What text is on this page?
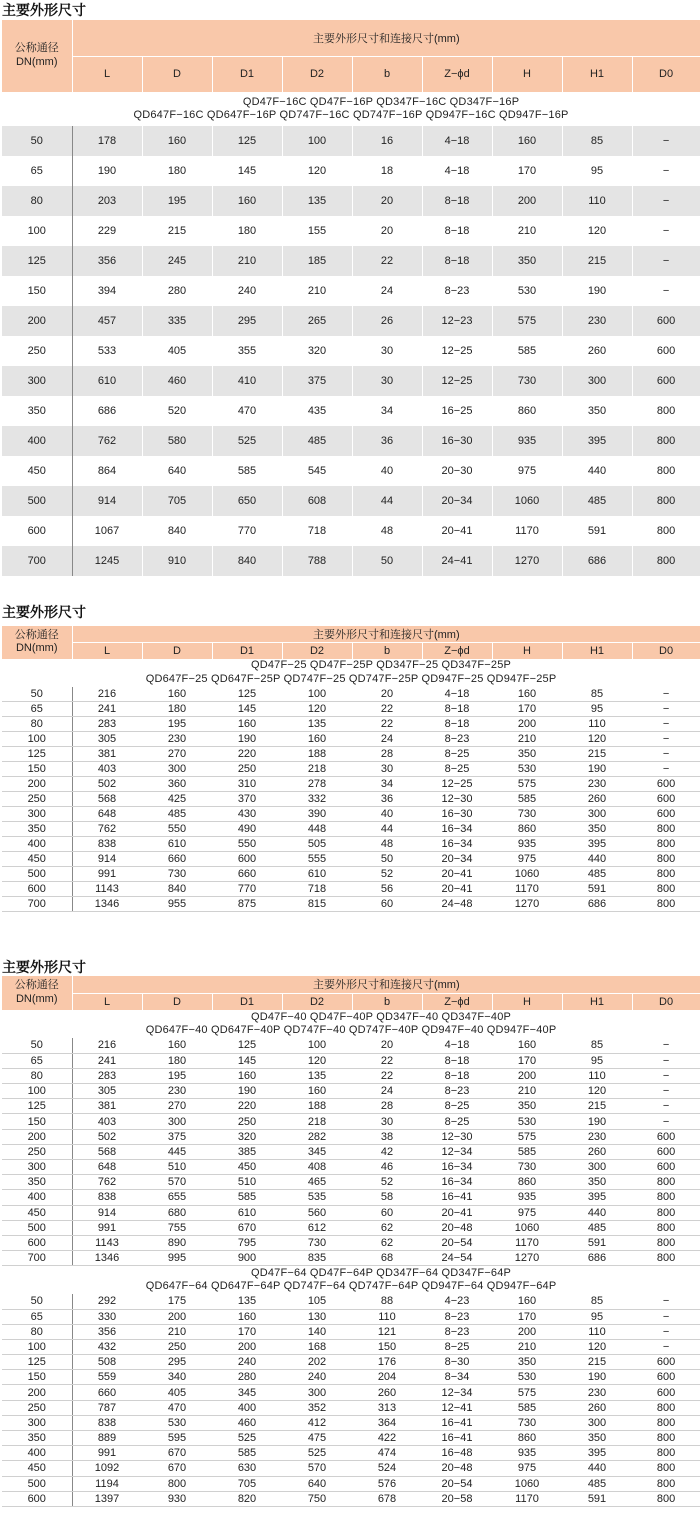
主要外形尺寸
公称通径
DN(mm)	主要外形尺寸和连接尺寸(mm)								
	L	D	D1	D2	b	Z−ϕd	H	H1	D0

QD47F−16C QD47F−16P QD347F−16C QD347F−16P
QD647F−16C QD647F−16P QD747F−16C QD747F−16P QD947F−16C QD947F−16P									

50	178	160	125	100	16	4−18	160	85	−
65	190	180	145	120	18	4−18	170	95	−
80	203	195	160	135	20	8−18	200	110	−
100	229	215	180	155	20	8−18	210	120	−
125	356	245	210	185	22	8−18	350	215	−
150	394	280	240	210	24	8−23	530	190	−
200	457	335	295	265	26	12−23	575	230	600
250	533	405	355	320	30	12−25	585	260	600
300	610	460	410	375	30	12−25	730	300	600
350	686	520	470	435	34	16−25	860	350	800
400	762	580	525	485	36	16−30	935	395	800
450	864	640	585	545	40	20−30	975	440	800
500	914	705	650	608	44	20−34	1060	485	800
600	1067	840	770	718	48	20−41	1170	591	800
700	1245	910	840	788	50	24−41	1270	686	800
主要外形尺寸
公称通径
DN(mm)	主要外形尺寸和连接尺寸(mm)								
	L	D	D1	D2	b	Z−ϕd	H	H1	D0

QD47F−25 QD47F−25P QD347F−25 QD347F−25P
QD647F−25 QD647F−25P QD747F−25 QD747F−25P QD947F−25 QD947F−25P									

50	216	160	125	100	20	4−18	160	85	−
65	241	180	145	120	22	8−18	170	95	−
80	283	195	160	135	22	8−18	200	110	−
100	305	230	190	160	24	8−23	210	120	−
125	381	270	220	188	28	8−25	350	215	−
150	403	300	250	218	30	8−25	530	190	−
200	502	360	310	278	34	12−25	575	230	600
250	568	425	370	332	36	12−30	585	260	600
300	648	485	430	390	40	16−30	730	300	600
350	762	550	490	448	44	16−34	860	350	800
400	838	610	550	505	48	16−34	935	395	800
450	914	660	600	555	50	20−34	975	440	800
500	991	730	660	610	52	20−41	1060	485	800
600	1143	840	770	718	56	20−41	1170	591	800
700	1346	955	875	815	60	24−48	1270	686	800
主要外形尺寸
公称通径
DN(mm)	主要外形尺寸和连接尺寸(mm)								
	L	D	D1	D2	b	Z−ϕd	H	H1	D0

QD47F−40 QD47F−40P QD347F−40 QD347F−40P
QD647F−40 QD647F−40P QD747F−40 QD747F−40P QD947F−40 QD947F−40P									

50	216	160	125	100	20	4−18	160	85	−
65	241	180	145	120	22	8−18	170	95	−
80	283	195	160	135	22	8−18	200	110	−
100	305	230	190	160	24	8−23	210	120	−
125	381	270	220	188	28	8−25	350	215	−
150	403	300	250	218	30	8−25	530	190	−
200	502	375	320	282	38	12−30	575	230	600
250	568	445	385	345	42	12−34	585	260	600
300	648	510	450	408	46	16−34	730	300	600
350	762	570	510	465	52	16−34	860	350	800
400	838	655	585	535	58	16−41	935	395	800
450	914	680	610	560	60	20−41	975	440	800
500	991	755	670	612	62	20−48	1060	485	800
600	1143	890	795	730	62	20−54	1170	591	800
700	1346	995	900	835	68	24−54	1270	686	800

QD47F−64 QD47F−64P QD347F−64 QD347F−64P
QD647F−64 QD647F−64P QD747F−64 QD747F−64P QD947F−64 QD947F−64P									

50	292	175	135	105	88	4−23	160	85	−
65	330	200	160	130	110	8−23	170	95	−
80	356	210	170	140	121	8−23	200	110	−
100	432	250	200	168	150	8−25	210	120	−
125	508	295	240	202	176	8−30	350	215	600
150	559	340	280	240	204	8−34	530	190	600
200	660	405	345	300	260	12−34	575	230	600
250	787	470	400	352	313	12−41	585	260	800
300	838	530	460	412	364	16−41	730	300	800
350	889	595	525	475	422	16−41	860	350	800
400	991	670	585	525	474	16−48	935	395	800
450	1092	670	630	570	524	20−48	975	440	800
500	1194	800	705	640	576	20−54	1060	485	800
600	1397	930	820	750	678	20−58	1170	591	800
